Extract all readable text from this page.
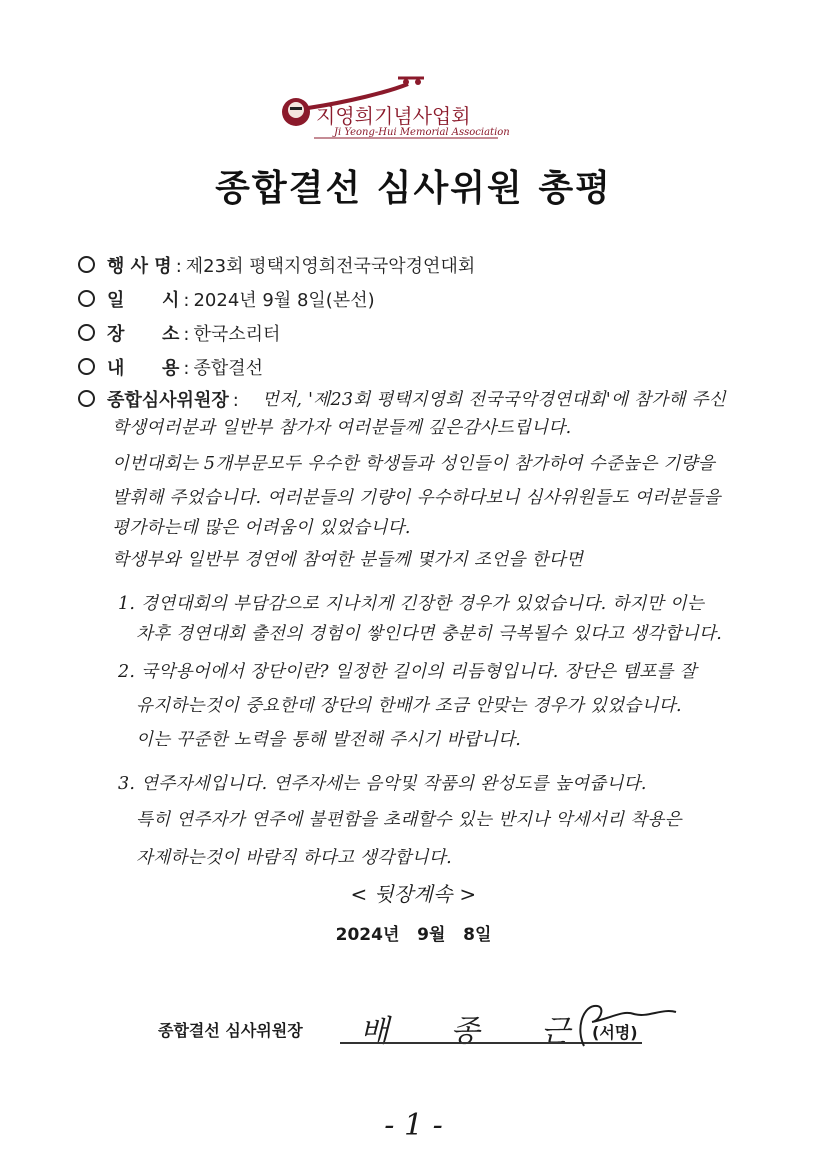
지영희기념사업회
Ji Yeong-Hui Memorial Association
종합결선 심사위원 총평
행 사 명 : 제23회 평택지영희전국국악경연대회
일      시 : 2024년 9월 8일(본선)
장      소 : 한국소리터
내      용 : 종합결선
종합심사위원장 : 먼저, '제23회 평택지영희 전국국악경연대회'에 참가해 주신
학생여러분과 일반부 참가자 여러분들께 깊은감사드립니다.
이번대회는 5개부문모두 우수한 학생들과 성인들이 참가하여 수준높은 기량을
발휘해 주었습니다. 여러분들의 기량이 우수하다보니 심사위원들도 여러분들을
평가하는데 많은 어려움이 있었습니다.
학생부와 일반부 경연에 참여한 분들께 몇가지 조언을 한다면
1. 경연대회의 부담감으로 지나치게 긴장한 경우가 있었습니다. 하지만 이는
차후 경연대회 출전의 경험이 쌓인다면 충분히 극복될수 있다고 생각합니다.
2. 국악용어에서 장단이란? 일정한 길이의 리듬형입니다. 장단은 템포를 잘
유지하는것이 중요한데 장단의 한배가 조금 안맞는 경우가 있었습니다.
이는 꾸준한 노력을 통해 발전해 주시기 바랍니다.
3. 연주자세입니다. 연주자세는 음악및 작품의 완성도를 높여줍니다.
특히 연주자가 연주에 불편함을 초래할수 있는 반지나 악세서리 착용은
자제하는것이 바람직 하다고 생각합니다.
< 뒷장계속 >
2024년   9월   8일
종합결선 심사위원장 배 종 근
(서명)
- 1 -
